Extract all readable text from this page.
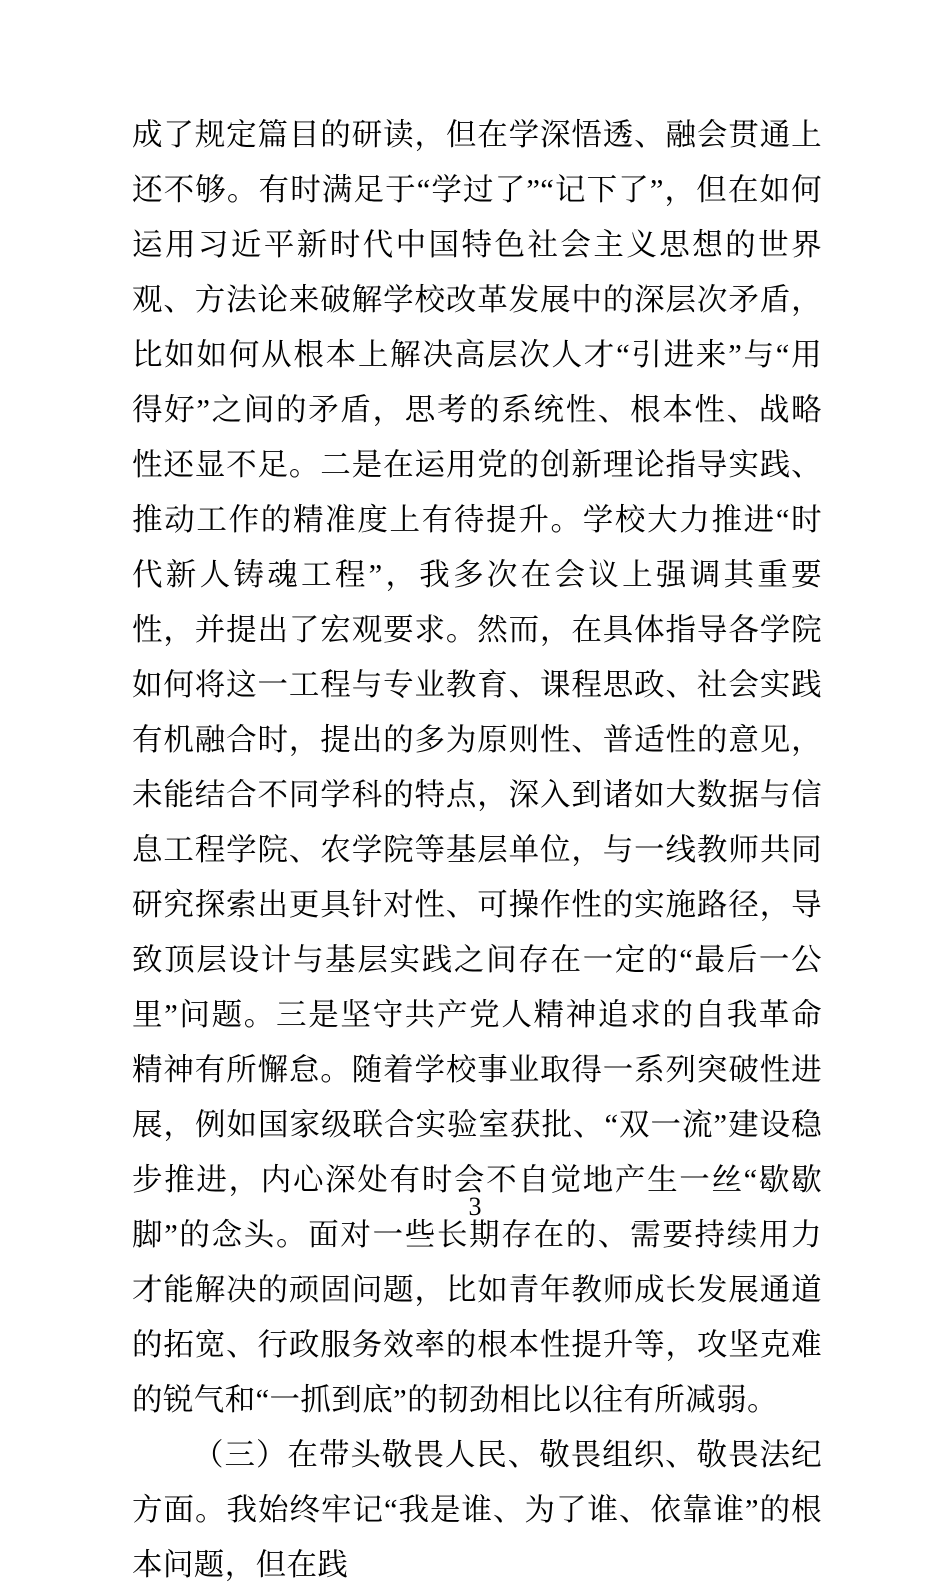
成了规定篇目的研读，但在学深悟透、融会贯通上还不够。有时满足于“学过了”“记下了”，但在如何运用习近平新时代中国特色社会主义思想的世界观、方法论来破解学校改革发展中的深层次矛盾，比如如何从根本上解决高层次人才“引进来”与“用得好”之间的矛盾，思考的系统性、根本性、战略性还显不足。二是在运用党的创新理论指导实践、推动工作的精准度上有待提升。学校大力推进“时代新人铸魂工程”，我多次在会议上强调其重要性，并提出了宏观要求。然而，在具体指导各学院如何将这一工程与专业教育、课程思政、社会实践有机融合时，提出的多为原则性、普适性的意见，未能结合不同学科的特点，深入到诸如大数据与信息工程学院、农学院等基层单位，与一线教师共同研究探索出更具针对性、可操作性的实施路径，导致顶层设计与基层实践之间存在一定的“最后一公里”问题。三是坚守共产党人精神追求的自我革命精神有所懈怠。随着学校事业取得一系列突破性进展，例如国家级联合实验室获批、“双一流”建设稳步推进，内心深处有时会不自觉地产生一丝“歇歇脚”的念头。面对一些长期存在的、需要持续用力才能解决的顽固问题，比如青年教师成长发展通道的拓宽、行政服务效率的根本性提升等，攻坚克难的锐气和“一抓到底”的韧劲相比以往有所减弱。

（三）在带头敬畏人民、敬畏组织、敬畏法纪方面。我始终牢记“我是谁、为了谁、依靠谁”的根本问题，但在践

3
